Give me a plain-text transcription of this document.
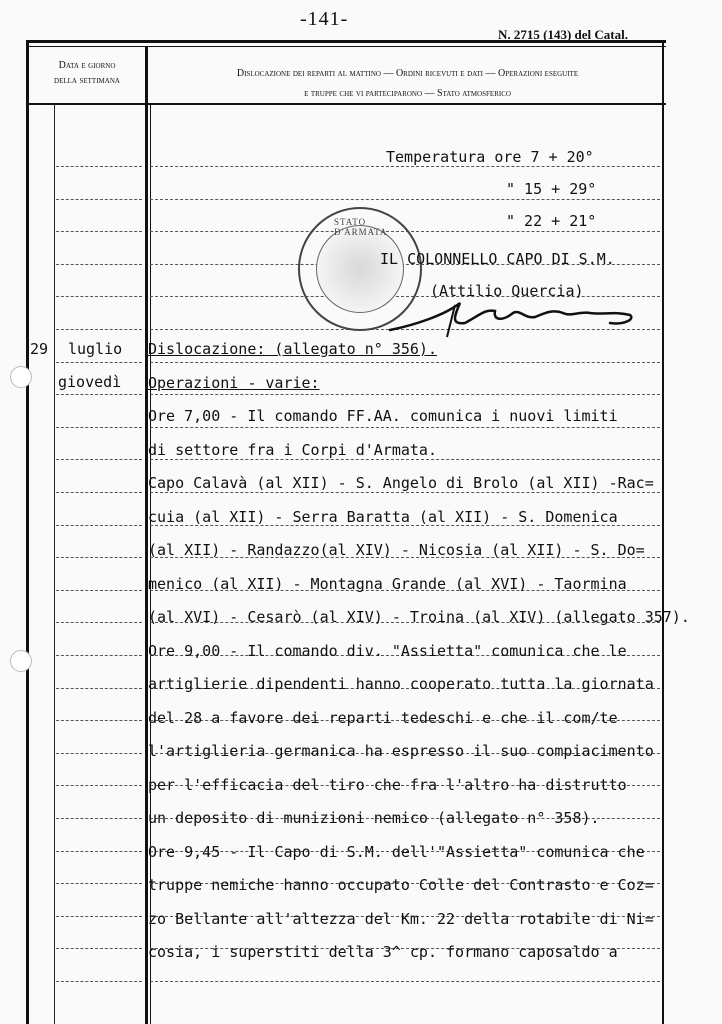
-141-
N. 2715 (143) del Catal.
Data e giorno
della settimana
Dislocazione dei reparti al mattino — Ordini ricevuti e dati — Operazioni eseguite
e truppe che vi parteciparono — Stato atmosferico
Temperatura ore 7 + 20°
" 15 + 29°
" 22 + 21°
STATO D'ARMATA
IL COLONNELLO CAPO DI S.M.
(Attilio Quercia)
29 luglio
giovedì
Dislocazione: (allegato n° 356).
Operazioni - varie:
Ore 7,00 - Il comando FF.AA. comunica i nuovi limiti
di settore fra i Corpi d'Armata.
Capo Calavà (al XII) - S. Angelo di Brolo (al XII) -Rac=
cuia (al XII) - Serra Baratta (al XII) - S. Domenica
(al XII) - Randazzo(al XIV) - Nicosia (al XII) - S. Do=
menico (al XII) - Montagna Grande (al XVI) - Taormina
(al XVI) - Cesarò (al XIV) - Troina (al XIV) (allegato 357).
Ore 9,00 - Il comando div. "Assietta" comunica che le
artiglierie dipendenti hanno cooperato tutta la giornata
del 28 a favore dei reparti tedeschi e che il com/te
l'artiglieria germanica ha espresso il suo compiacimento
per l'efficacia del tiro che fra l'altro ha distrutto
un deposito di munizioni nemico (allegato n° 358).
Ore 9,45 - Il Capo di S.M. dell'"Assietta" comunica che
truppe nemiche hanno occupato Colle del Contrasto e Coz=
zo Bellante all'altezza del Km. 22 della rotabile di Ni=
cosia, i superstiti della 3^ cp. formano caposaldo a
